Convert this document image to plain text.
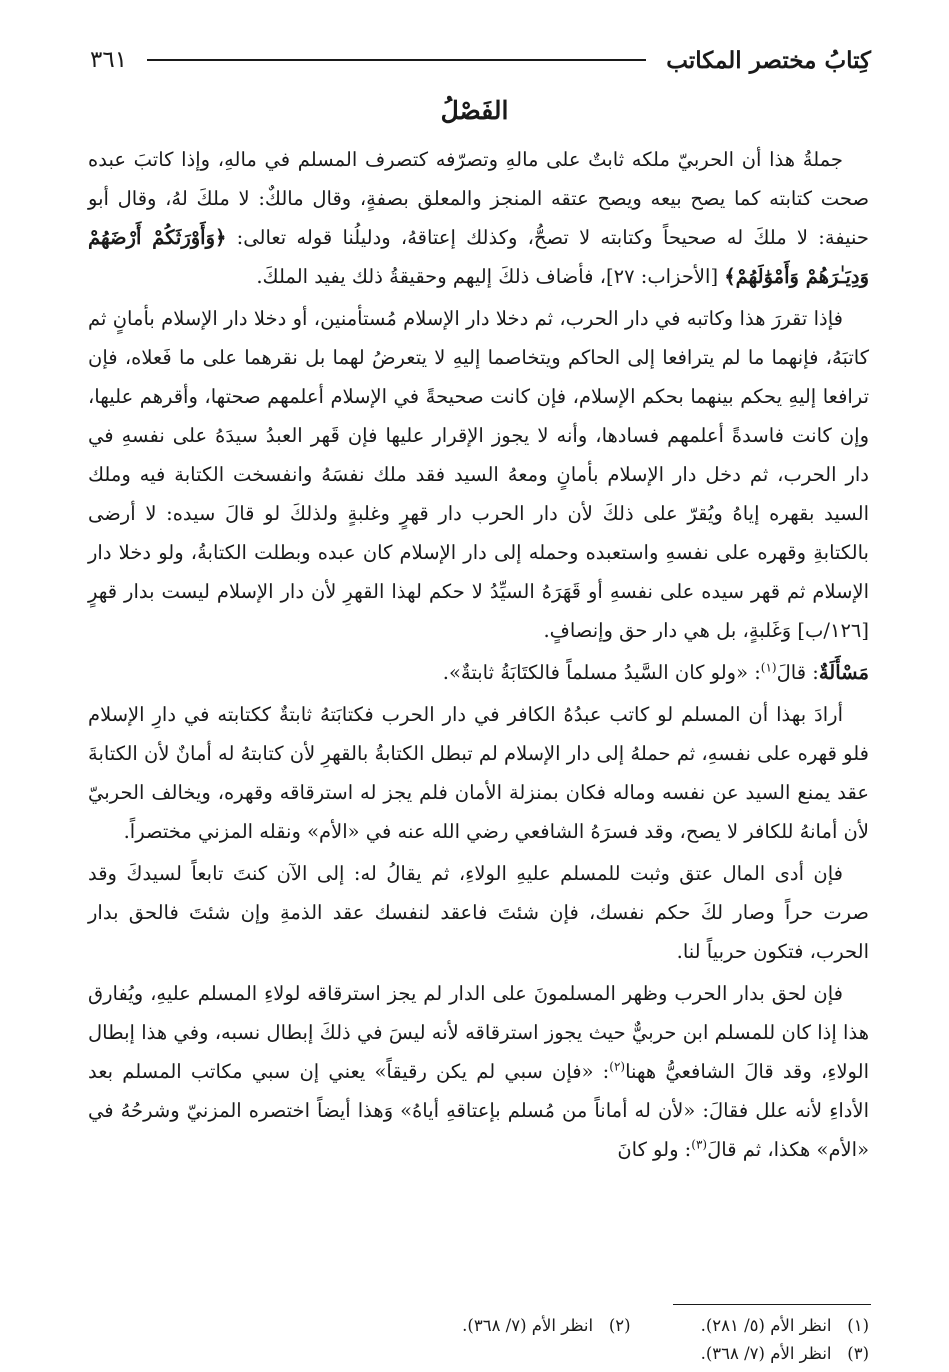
كِتابُ مختصر المكاتب
٣٦١
الفَصْلُ

جملةُ هذا أن الحربيّ ملكه ثابتٌ على مالهِ وتصرّفه كتصرف المسلم في مالهِ، وإذا كاتبَ عبده صحت كتابته كما يصح بيعه ويصح عتقه المنجز والمعلق بصفةٍ، وقال مالكٌ: لا ملكَ لهُ، وقال أبو حنيفة: لا ملكَ له صحيحاً وكتابته لا تصحُّ، وكذلك إعتاقهُ، ودليلُنا قوله تعالى: ﴿وَأَوْرَثَكُمْ أَرْضَهُمْ وَدِيَـٰرَهُمْ وَأَمْوَٰلَهُمْ﴾ [الأحزاب: ٢٧]، فأضاف ذلكَ إليهم وحقيقةُ ذلك يفيد الملكَ.

فإذا تقررَ هذا وكاتبه في دار الحرب، ثم دخلا دار الإسلام مُستأمنين، أو دخلا دار الإسلام بأمانٍ ثم كاتبَهُ، فإنهما ما لم يترافعا إلى الحاكم ويتخاصما إليهِ لا يتعرضُ لهما بل نقرهما على ما فَعلاه، فإن ترافعا إليهِ يحكم بينهما بحكم الإسلام، فإن كانت صحيحةً في الإسلام أعلمهم صحتها، وأقرهم عليها، وإن كانت فاسدةً أعلمهم فسادها، وأنه لا يجوز الإقرار عليها فإن قَهر العبدُ سيدَهُ على نفسهِ في دار الحرب، ثم دخل دار الإسلام بأمانٍ ومعهُ السيد فقد ملك نفسَهُ وانفسخت الكتابة فيه وملك السيد بقهره إياهُ ويُقرّ على ذلكَ لأن دار الحرب دار قهرٍ وغلبةٍ ولذلكَ لو قالَ سيده: لا أرضى بالكتابةِ وقهره على نفسهِ واستعبده وحمله إلى دار الإسلام كان عبده وبطلت الكتابةُ، ولو دخلا دار الإسلام ثم قهر سيده على نفسهِ أو قَهَرَهُ السيِّدُ لا حكم لهذا القهرِ لأن دار الإسلام ليست بدار قهرٍ [١٢٦/ب] وَغَلبةٍ، بل هي دار حق وإنصافٍ.

مَسْأَلَةٌ: قالَ$^{(١)}$: «ولو كان السَّيدُ مسلماً فالكتَابَةُ ثابتةٌ».

أرادَ بهذا أن المسلم لو كاتب عبدُهُ الكافر في دار الحرب فكتابَتهُ ثابتةٌ ككتابته في دارِ الإسلام فلو قهره على نفسهِ، ثم حملهُ إلى دار الإسلام لم تبطل الكتابةُ بالقهرِ لأن كتابتهُ له أمانٌ لأن الكتابةَ عقد يمنع السيد عن نفسه وماله فكان بمنزلة الأمان فلم يجز له استرقاقه وقهره، ويخالف الحربيّ لأن أمانهُ للكافر لا يصح، وقد فسرَهُ الشافعي رضي الله عنه في «الأم» ونقله المزني مختصراً.

فإن أدى المال عتق وثبت للمسلم عليهِ الولاءِ، ثم يقالُ له: إلى الآن كنتَ تابعاً لسيدكَ وقد صرت حراً وصار لكَ حكم نفسك، فإن شئتَ فاعقد لنفسك عقد الذمةِ وإن شئتَ فالحق بدار الحرب، فتكون حربياً لنا.

فإن لحق بدار الحرب وظهر المسلمونَ على الدار لم يجز استرقاقه لولاءِ المسلم عليهِ، ويُفارق هذا إذا كان للمسلم ابن حربيٌّ حيث يجوز استرقاقه لأنه ليسَ في ذلكَ إبطال نسبه، وفي هذا إبطال الولاءِ، وقد قالَ الشافعيُّ ههنا$^{(٢)}$: «فإن سبي لم يكن رقيقاً» يعني إن سبي مكاتب المسلم بعد الأداءِ لأنه علل فقالَ: «لأن له أماناً من مُسلم بإعتاقهِ أياهُ» وَهذا أيضاً اختصره المزنيّ وشرحُهُ في «الأم» هكذا، ثم قالَ$^{(٣)}$: ولو كانَ

(١)   انظر الأم (٥/ ٢٨١).
(٢)   انظر الأم (٧/ ٣٦٨).
(٣)   انظر الأم (٧/ ٣٦٨).
